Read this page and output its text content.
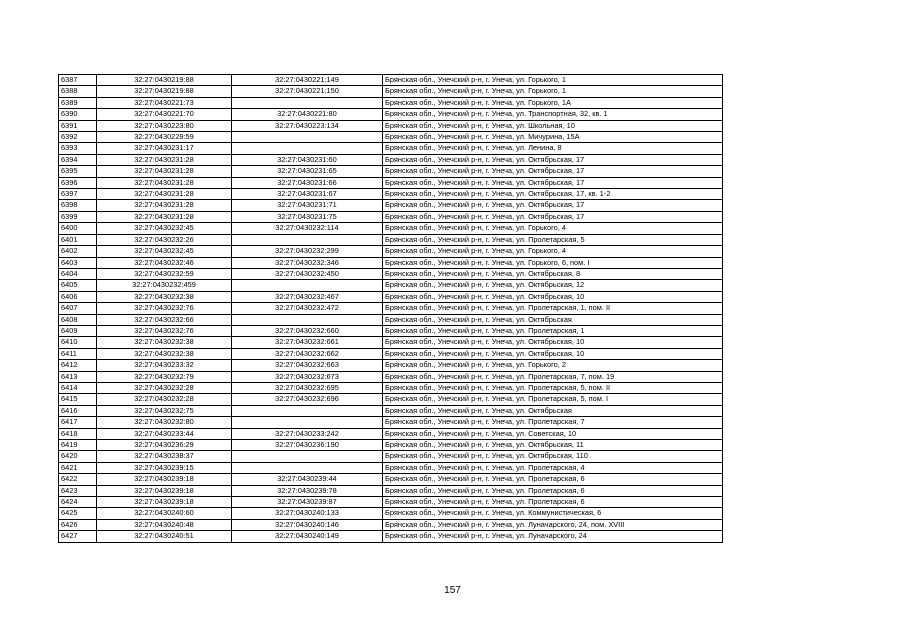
6387	32:27:0430219:88	32:27:0430221:149	Брянская обл., Унечский р-н, г. Унеча, ул. Горького, 1
6388	32:27:0430219:88	32:27:0430221:150	Брянская обл., Унечский р-н, г. Унеча, ул. Горького, 1
6389	32:27:0430221:73		Брянская обл., Унечский р-н, г. Унеча, ул. Горького, 1А
6390	32:27:0430221:70	32:27:0430221:80	Брянская обл., Унечский р-н, г. Унеча, ул. Транспортная, 32, кв. 1
6391	32:27:0430223:80	32:27:0430223:134	Брянская обл., Унечский р-н, г. Унеча, ул. Школьная, 10
6392	32:27:0430229:59		Брянская обл., Унечский р-н, г. Унеча, ул. Мичурина, 15А
6393	32:27:0430231:17		Брянская обл., Унечский р-н, г. Унеча, ул. Ленина, 8
6394	32:27:0430231:28	32:27:0430231:60	Брянская обл., Унечский р-н, г. Унеча, ул. Октябрьская, 17
6395	32:27:0430231:28	32:27:0430231:65	Брянская обл., Унечский р-н, г. Унеча, ул. Октябрьская, 17
6396	32:27:0430231:28	32:27:0430231:66	Брянская обл., Унечский р-н, г. Унеча, ул. Октябрьская, 17
6397	32:27:0430231:28	32:27:0430231:67	Брянская обл., Унечский р-н, г. Унеча, ул. Октябрьская, 17, кв. 1-2
6398	32:27:0430231:28	32:27:0430231:71	Брянская обл., Унечский р-н, г. Унеча, ул. Октябрьская, 17
6399	32:27:0430231:28	32:27:0430231:75	Брянская обл., Унечский р-н, г. Унеча, ул. Октябрьская, 17
6400	32:27:0430232:45	32:27:0430232:114	Брянская обл., Унечский р-н, г. Унеча, ул. Горького, 4
6401	32:27:0430232:26		Брянская обл., Унечский р-н, г. Унеча, ул. Пролетарская, 5
6402	32:27:0430232:45	32:27:0430232:299	Брянская обл., Унечский р-н, г. Унеча, ул. Горького, 4
6403	32:27:0430232:46	32:27:0430232:346	Брянская обл., Унечский р-н, г. Унеча, ул. Горького, 6, пом. I
6404	32:27:0430232:59	32:27:0430232:450	Брянская обл., Унечский р-н, г. Унеча, ул. Октябрьская, 8
6405	32:27:0430232:459		Брянская обл., Унечский р-н, г. Унеча, ул. Октябрьская, 12
6406	32:27:0430232:38	32:27:0430232:467	Брянская обл., Унечский р-н, г. Унеча, ул. Октябрьская, 10
6407	32:27:0430232:76	32:27:0430232:472	Брянская обл., Унечский р-н, г. Унеча, ул. Пролетарская, 1, пом. II
6408	32:27:0430232:66		Брянская обл., Унечский р-н, г. Унеча, ул. Октябрьская
6409	32:27:0430232:76	32:27:0430232:660	Брянская обл., Унечский р-н, г. Унеча, ул. Пролетарская, 1
6410	32:27:0430232:38	32:27:0430232:661	Брянская обл., Унечский р-н, г. Унеча, ул. Октябрьская, 10
6411	32:27:0430232:38	32:27:0430232:662	Брянская обл., Унечский р-н, г. Унеча, ул. Октябрьская, 10
6412	32:27:0430233:32	32:27:0430232:663	Брянская обл., Унечский р-н, г. Унеча, ул. Горького, 2
6413	32:27:0430232:79	32:27:0430232:673	Брянская обл., Унечский р-н, г. Унеча, ул. Пролетарская, 7, пом. 19
6414	32:27:0430232:28	32:27:0430232:695	Брянская обл., Унечский р-н, г. Унеча, ул. Пролетарская, 5, пом. II
6415	32:27:0430232:28	32:27:0430232:696	Брянская обл., Унечский р-н, г. Унеча, ул. Пролетарская, 5, пом. I
6416	32:27:0430232:75		Брянская обл., Унечский р-н, г. Унеча, ул. Октябрьская
6417	32:27:0430232:80		Брянская обл., Унечский р-н, г. Унеча, ул. Пролетарская, 7
6418	32:27:0430233:44	32:27:0430233:242	Брянская обл., Унечский р-н, г. Унеча, ул. Советская, 10
6419	32:27:0430236:29	32:27:0430236:190	Брянская обл., Унечский р-н, г. Унеча, ул. Октябрьская, 11
6420	32:27:0430238:37		Брянская обл., Унечский р-н, г. Унеча, ул. Октябрьская, 110
6421	32:27:0430239:15		Брянская обл., Унечский р-н, г. Унеча, ул. Пролетарская, 4
6422	32:27:0430239:18	32:27:0430239:44	Брянская обл., Унечский р-н, г. Унеча, ул. Пролетарская, 6
6423	32:27:0430239:18	32:27:0430239:78	Брянская обл., Унечский р-н, г. Унеча, ул. Пролетарская, 6
6424	32:27:0430239:18	32:27:0430239:87	Брянская обл., Унечский р-н, г. Унеча, ул. Пролетарская, 6
6425	32:27:0430240:60	32:27:0430240:133	Брянская обл., Унечский р-н, г. Унеча, ул. Коммунистическая, 6
6426	32:27:0430240:48	32:27:0430240:146	Брянская обл., Унечский р-н, г. Унеча, ул. Луначарского, 24, пом. XVIII
6427	32:27:0430240:51	32:27:0430240:149	Брянская обл., Унечский р-н, г. Унеча, ул. Луначарского, 24
157
